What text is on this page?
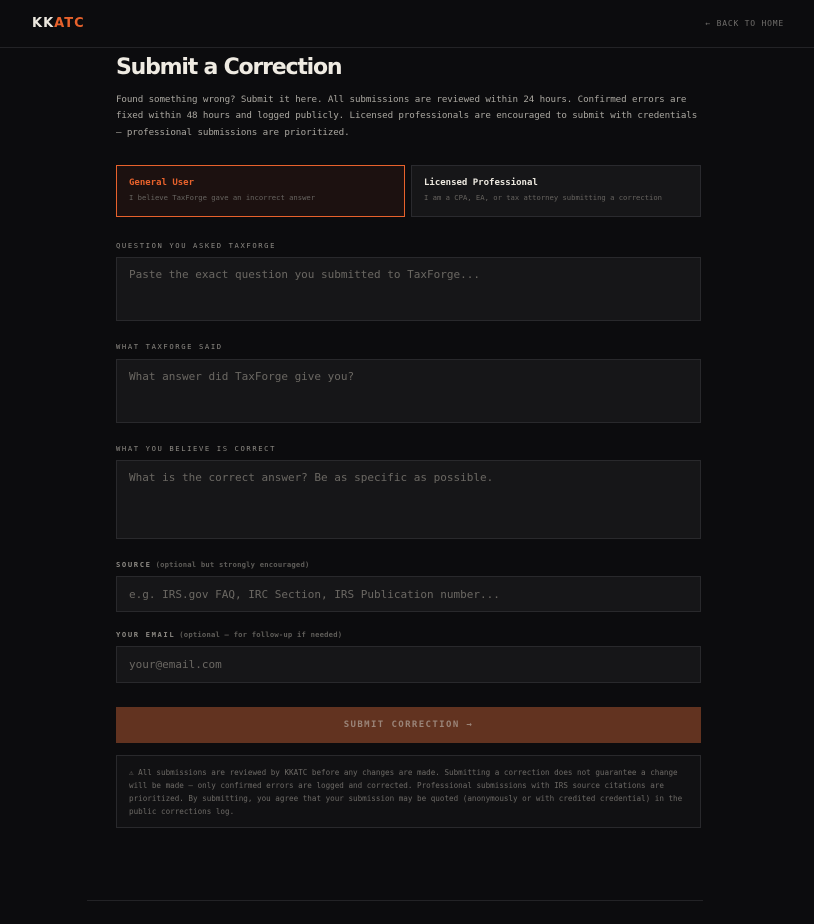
KKATC	← BACK TO HOME
Submit a Correction

Found something wrong? Submit it here. All submissions are reviewed within 24 hours. Confirmed errors are fixed within 48 hours and logged publicly. Licensed professionals are encouraged to submit with credentials — professional submissions are prioritized.

General User
I believe TaxForge gave an incorrect answer
Licensed Professional
I am a CPA, EA, or tax attorney submitting a correction
QUESTION YOU ASKED TAXFORGE
Paste the exact question you submitted to TaxForge...
WHAT TAXFORGE SAID
What answer did TaxForge give you?
WHAT YOU BELIEVE IS CORRECT
What is the correct answer? Be as specific as possible.
SOURCE (optional but strongly encouraged)
e.g. IRS.gov FAQ, IRC Section, IRS Publication number...
YOUR EMAIL (optional — for follow-up if needed)
your@email.com
SUBMIT CORRECTION →
⚠ All submissions are reviewed by KKATC before any changes are made. Submitting a correction does not guarantee a change will be made — only confirmed errors are logged and corrected. Professional submissions with IRS source citations are prioritized. By submitting, you agree that your submission may be quoted (anonymously or with credited credential) in the public corrections log.
